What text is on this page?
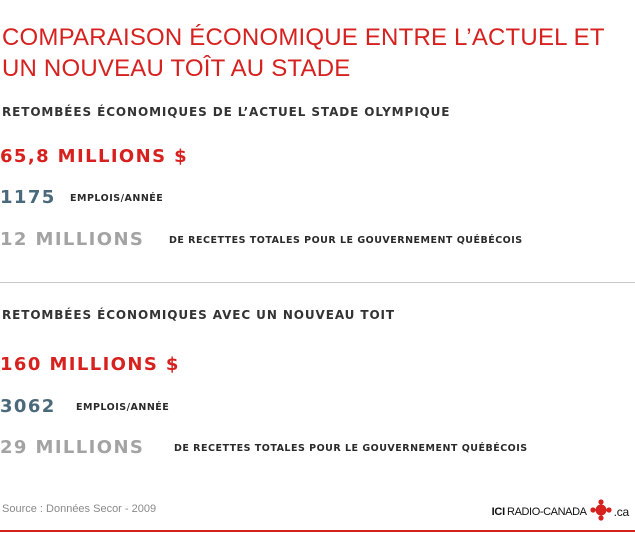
COMPARAISON ÉCONOMIQUE ENTRE L’ACTUEL ET UN NOUVEAU TOÎT AU STADE
RETOMBÉES ÉCONOMIQUES DE L’ACTUEL STADE OLYMPIQUE
65,8 MILLIONS $
1175 EMPLOIS/ANNÉE
12 MILLIONS	DE RECETTES TOTALES POUR LE GOUVERNEMENT QUÉBÉCOIS
RETOMBÉES ÉCONOMIQUES AVEC UN NOUVEAU TOIT
160 MILLIONS $
3062 EMPLOIS/ANNÉE
29 MILLIONS	DE RECETTES TOTALES POUR LE GOUVERNEMENT QUÉBÉCOIS
Source : Données Secor - 2009	ICI RADIO-CANADA .ca
